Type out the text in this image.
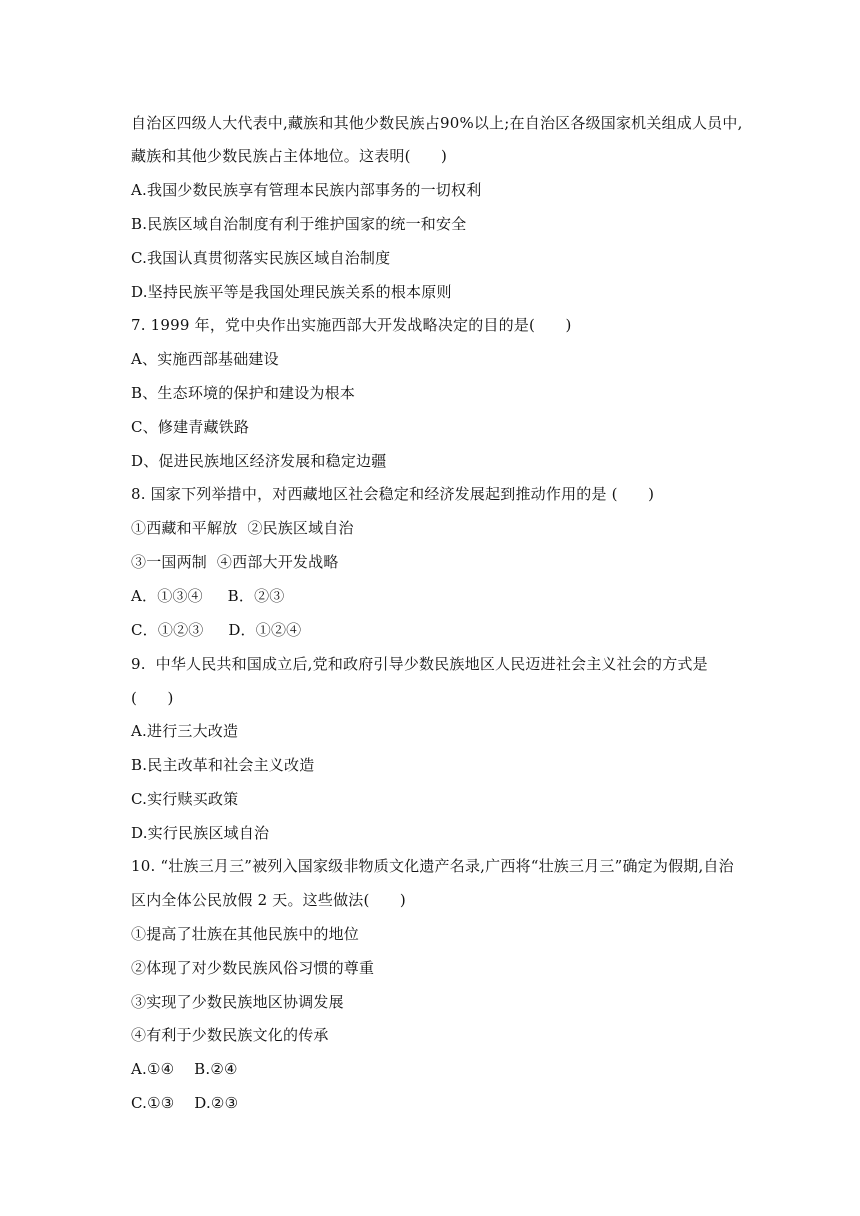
自治区四级人大代表中,藏族和其他少数民族占90%以上;在自治区各级国家机关组成人员中,
藏族和其他少数民族占主体地位。这表明(　　)
A.我国少数民族享有管理本民族内部事务的一切权利
B.民族区域自治制度有利于维护国家的统一和安全
C.我国认真贯彻落实民族区域自治制度
D.坚持民族平等是我国处理民族关系的根本原则
7. 1999 年，党中央作出实施西部大开发战略决定的目的是(　　)
A、实施西部基础建设
B、生态环境的保护和建设为根本
C、修建青藏铁路
D、促进民族地区经济发展和稳定边疆
8. 国家下列举措中，对西藏地区社会稳定和经济发展起到推动作用的是 (　　)
①西藏和平解放  ②民族区域自治
③一国两制  ④西部大开发战略
A．①③④     B．②③
C．①②③     D．①②④
9.  中华人民共和国成立后,党和政府引导少数民族地区人民迈进社会主义社会的方式是
(　　)
A.进行三大改造
B.民主改革和社会主义改造
C.实行赎买政策
D.实行民族区域自治
10. “壮族三月三”被列入国家级非物质文化遗产名录,广西将“壮族三月三”确定为假期,自治
区内全体公民放假 2 天。这些做法(　　)
①提高了壮族在其他民族中的地位
②体现了对少数民族风俗习惯的尊重
③实现了少数民族地区协调发展
④有利于少数民族文化的传承
A.①④    B.②④
C.①③    D.②③
